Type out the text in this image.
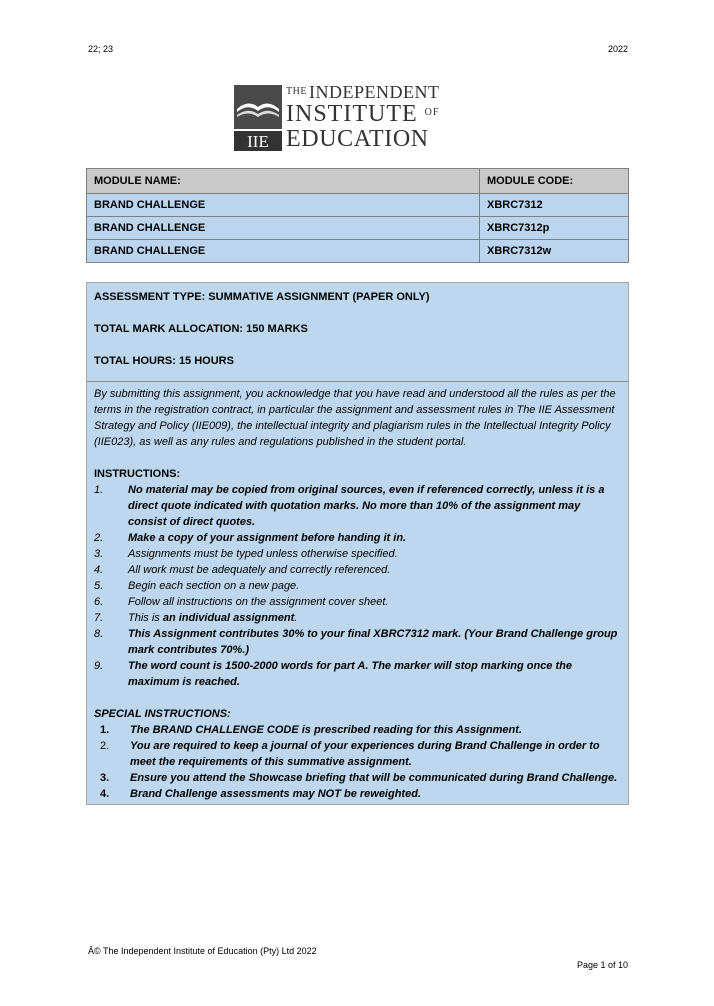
22; 23	2022
IIE
$^{THE}$ INDEPENDENT
INSTITUTE $^{OF}$
EDUCATION
MODULE NAME:	MODULE CODE:
BRAND CHALLENGE	XBRC7312
BRAND CHALLENGE	XBRC7312p
BRAND CHALLENGE	XBRC7312w

ASSESSMENT TYPE: SUMMATIVE ASSIGNMENT (PAPER ONLY)

TOTAL MARK ALLOCATION: 150 MARKS

TOTAL HOURS: 15 HOURS

By submitting this assignment, you acknowledge that you have read and understood all the rules as per the terms in the registration contract, in particular the assignment and assessment rules in The IIE Assessment Strategy and Policy (IIE009), the intellectual integrity and plagiarism rules in the Intellectual Integrity Policy (IIE023), as well as any rules and regulations published in the student portal.

INSTRUCTIONS:

1.	No material may be copied from original sources, even if referenced correctly, unless it is a direct quote indicated with quotation marks. No more than 10% of the assignment may consist of direct quotes.
2.	Make a copy of your assignment before handing it in.
3.	Assignments must be typed unless otherwise specified.
4.	All work must be adequately and correctly referenced.
5.	Begin each section on a new page.
6.	Follow all instructions on the assignment cover sheet.
7.	This is an individual assignment.
8.	This Assignment contributes 30% to your final XBRC7312 mark. (Your Brand Challenge group mark contributes 70%.)
9.	The word count is 1500-2000 words for part A. The marker will stop marking once the maximum is reached.

SPECIAL INSTRUCTIONS:

1.	The BRAND CHALLENGE CODE is prescribed reading for this Assignment.
2.	You are required to keep a journal of your experiences during Brand Challenge in order to meet the requirements of this summative assignment.
3.	Ensure you attend the Showcase briefing that will be communicated during Brand Challenge.
4.	Brand Challenge assessments may NOT be reweighted.
Â© The Independent Institute of Education (Pty) Ltd 2022
Page 1 of 10
